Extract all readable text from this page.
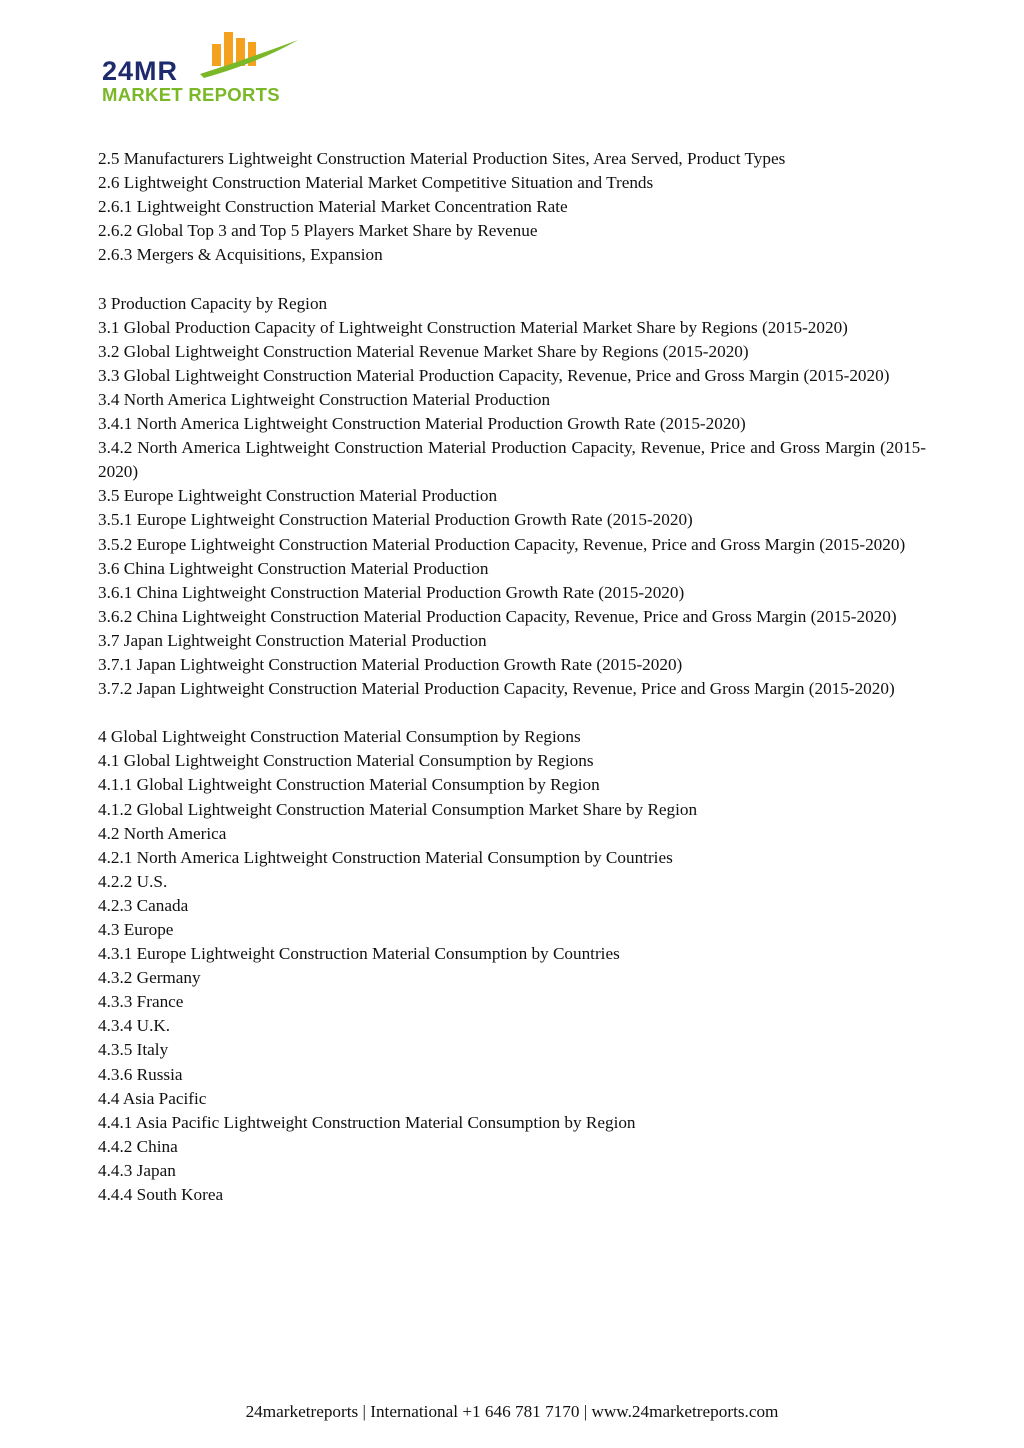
24MR
MARKET REPORTS

2.5 Manufacturers Lightweight Construction Material Production Sites, Area Served, Product Types

2.6 Lightweight Construction Material Market Competitive Situation and Trends

2.6.1 Lightweight Construction Material Market Concentration Rate

2.6.2 Global Top 3 and Top 5 Players Market Share by Revenue

2.6.3 Mergers & Acquisitions, Expansion

3 Production Capacity by Region

3.1 Global Production Capacity of Lightweight Construction Material Market Share by Regions (2015-2020)

3.2 Global Lightweight Construction Material Revenue Market Share by Regions (2015-2020)

3.3 Global Lightweight Construction Material Production Capacity, Revenue, Price and Gross Margin (2015-2020)

3.4 North America Lightweight Construction Material Production

3.4.1 North America Lightweight Construction Material Production Growth Rate (2015-2020)

3.4.2 North America Lightweight Construction Material Production Capacity, Revenue, Price and Gross Margin (2015-2020)

3.5 Europe Lightweight Construction Material Production

3.5.1 Europe Lightweight Construction Material Production Growth Rate (2015-2020)

3.5.2 Europe Lightweight Construction Material Production Capacity, Revenue, Price and Gross Margin (2015-2020)

3.6 China Lightweight Construction Material Production

3.6.1 China Lightweight Construction Material Production Growth Rate (2015-2020)

3.6.2 China Lightweight Construction Material Production Capacity, Revenue, Price and Gross Margin (2015-2020)

3.7 Japan Lightweight Construction Material Production

3.7.1 Japan Lightweight Construction Material Production Growth Rate (2015-2020)

3.7.2 Japan Lightweight Construction Material Production Capacity, Revenue, Price and Gross Margin (2015-2020)

4 Global Lightweight Construction Material Consumption by Regions

4.1 Global Lightweight Construction Material Consumption by Regions

4.1.1 Global Lightweight Construction Material Consumption by Region

4.1.2 Global Lightweight Construction Material Consumption Market Share by Region

4.2 North America

4.2.1 North America Lightweight Construction Material Consumption by Countries

4.2.2 U.S.

4.2.3 Canada

4.3 Europe

4.3.1 Europe Lightweight Construction Material Consumption by Countries

4.3.2 Germany

4.3.3 France

4.3.4 U.K.

4.3.5 Italy

4.3.6 Russia

4.4 Asia Pacific

4.4.1 Asia Pacific Lightweight Construction Material Consumption by Region

4.4.2 China

4.4.3 Japan

4.4.4 South Korea

24marketreports | International +1 646 781 7170 | www.24marketreports.com
